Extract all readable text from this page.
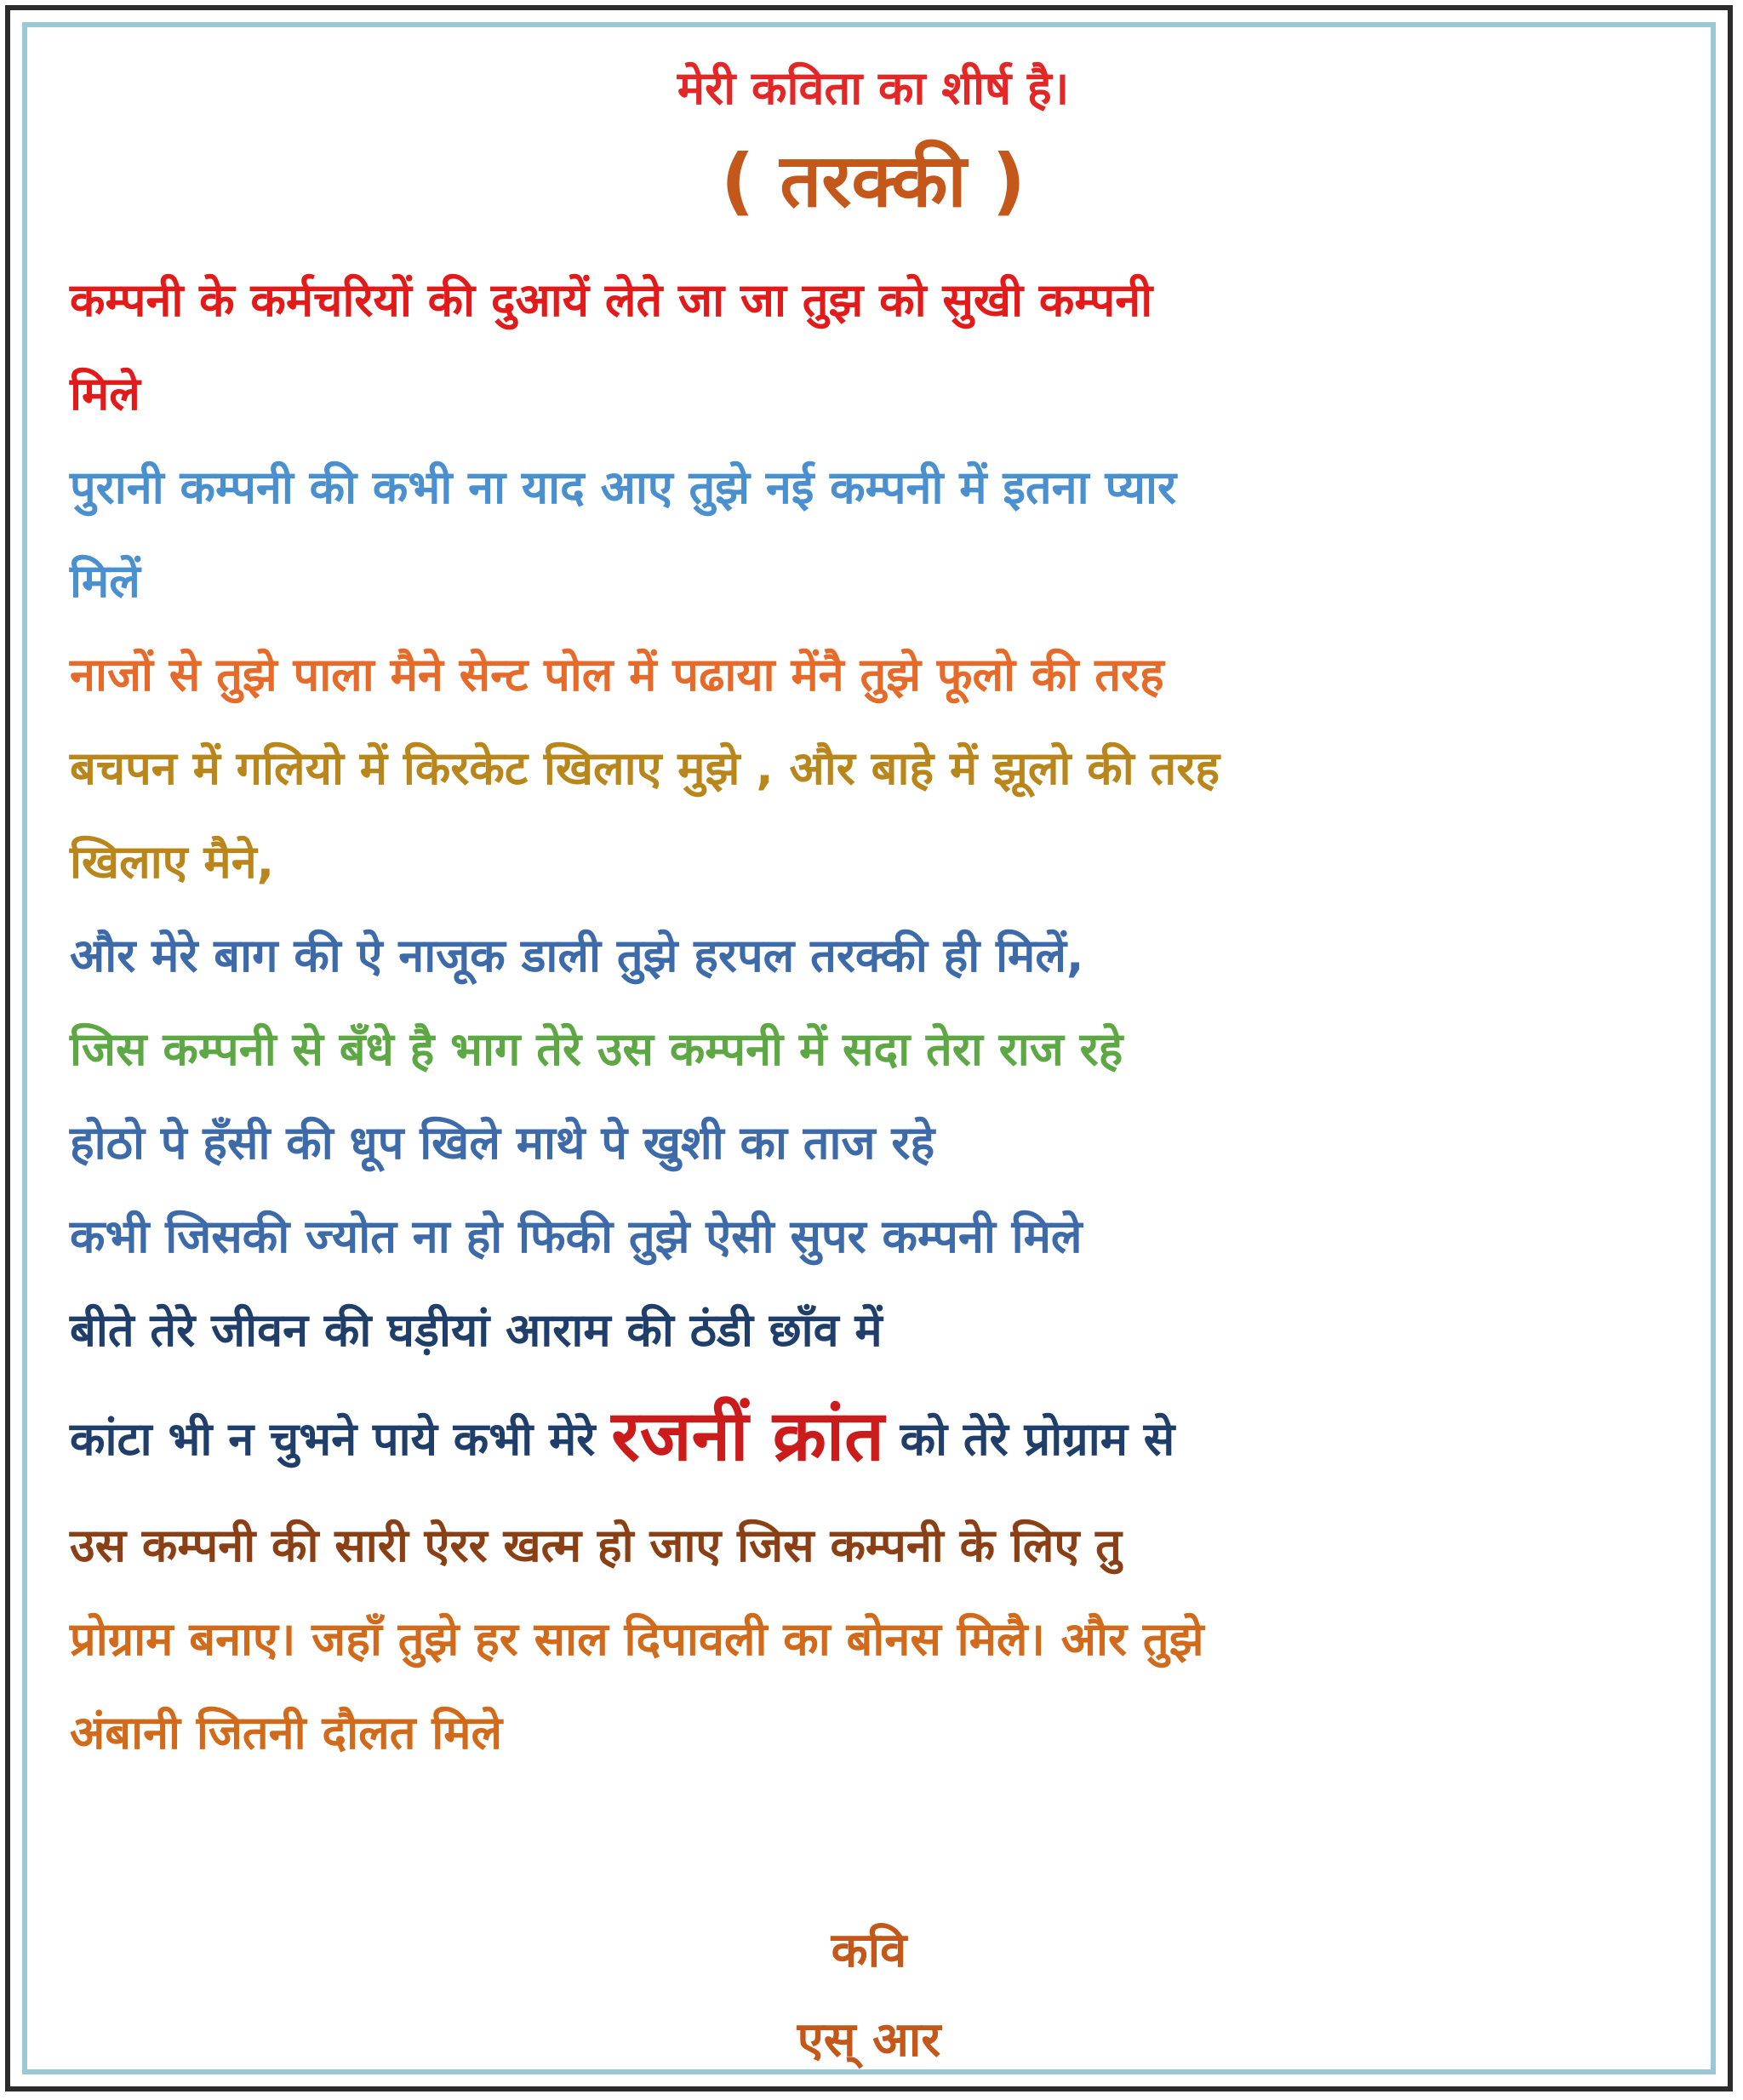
मेरी कविता का शीर्ष है।

( तरक्की )

कम्पनी के कर्मचरियों की दुआयें लेते जा जा तुझ को सुखी कम्पनी
मिले

पुरानी कम्पनी की कभी ना याद आए तुझे नई कम्पनी में इतना प्यार
मिलें

नाजों से तुझे पाला मैने सेन्ट पोल में पढाया मेंनै तुझे फूलो की तरह

बचपन में गलियो में किरकेट खिलाए मुझे , और बाहे में झूलो की तरह
खिलाए मैने,

और मेरे बाग की ऐ नाजूक डाली तुझे हरपल तरक्की ही मिलें,

जिस कम्पनी से बँधे है भाग तेरे उस कम्पनी में सदा तेरा राज रहे

होठो पे हँसी की धूप खिले माथे पे खुशी का ताज रहे
कभी जिसकी ज्योत ना हो फिकी तुझे ऐसी सुपर कम्पनी मिले

बीते तेरे जीवन की घड़ीयां आराम की ठंडी छाँव में

कांटा भी न चुभने पाये कभी मेरे रजनीं क्रांत को तेरे प्रोग्राम से

उस कम्पनी की सारी ऐरर खत्म हो जाए जिस कम्पनी के लिए तु

प्रोग्राम बनाए। जहाँ तुझे हर साल दिपावली का बोनस मिलै। और तुझे
अंबानी जितनी दौलत मिले

कवि
एस् आर
